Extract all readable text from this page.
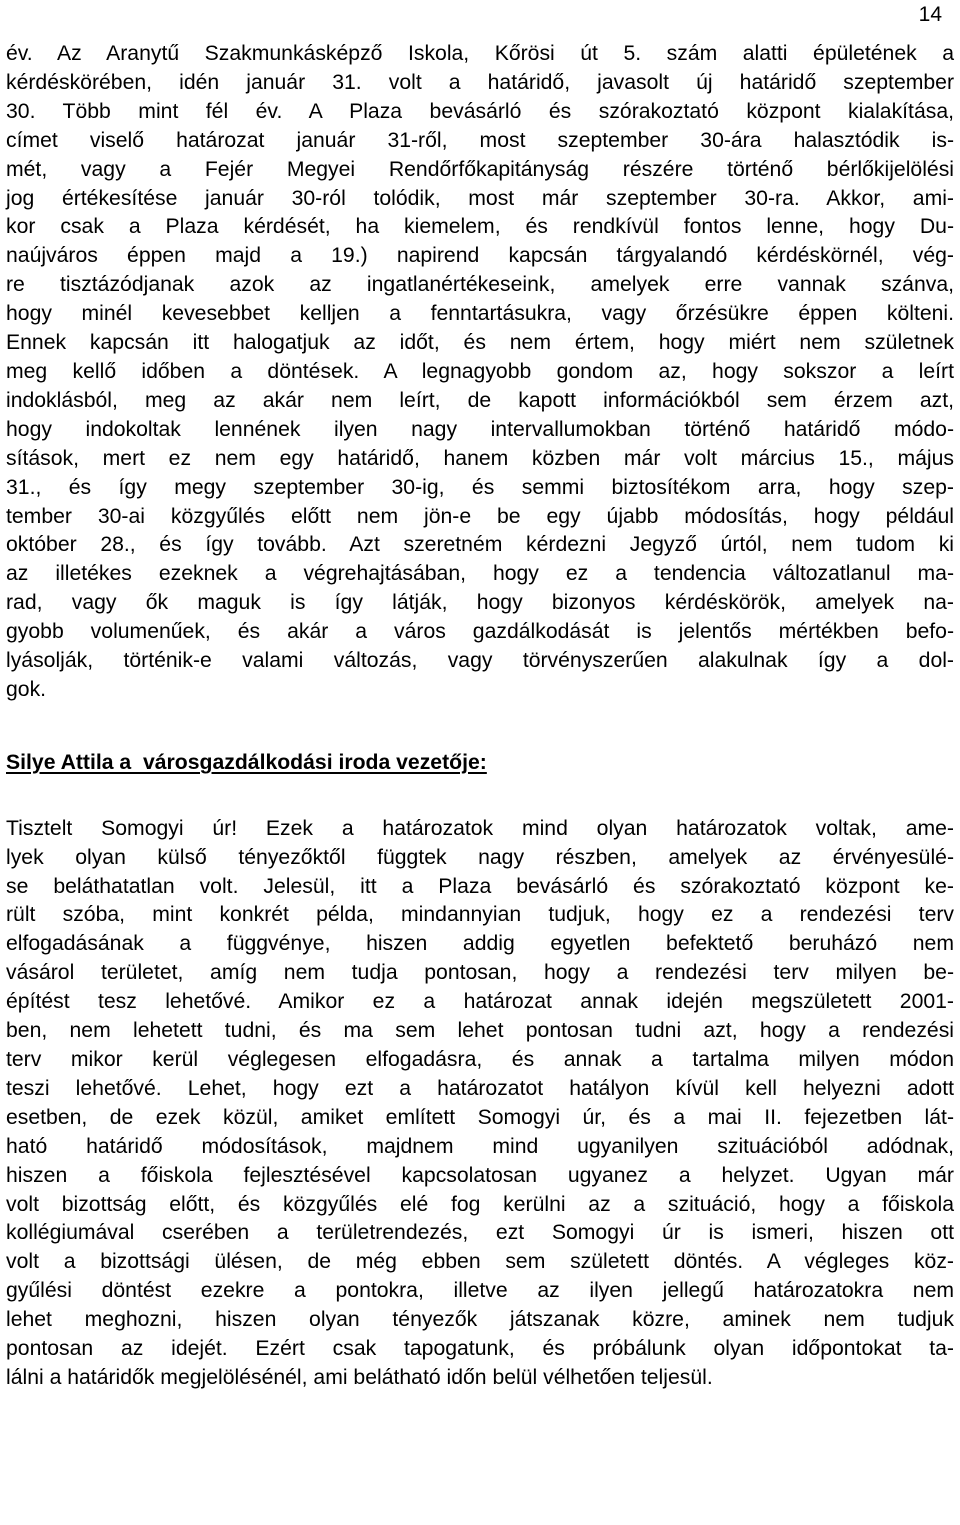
14
év. Az Aranytű Szakmunkásképző Iskola, Kőrösi út 5. szám alatti épületének a
kérdéskörében, idén január 31. volt a határidő, javasolt új határidő szeptember
30. Több mint fél év. A Plaza bevásárló és szórakoztató központ kialakítása,
címet viselő határozat január 31-ről, most szeptember 30-ára halasztódik is-
mét, vagy a Fejér Megyei Rendőrfőkapitányság részére történő bérlőkijelölési
jog értékesítése január 30-ról tolódik, most már szeptember 30-ra. Akkor, ami-
kor csak a Plaza kérdését, ha kiemelem, és rendkívül fontos lenne, hogy Du-
naújváros éppen majd a 19.) napirend kapcsán tárgyalandó kérdéskörnél, vég-
re tisztázódjanak azok az ingatlanértékeseink, amelyek erre vannak szánva,
hogy minél kevesebbet kelljen a fenntartásukra, vagy őrzésükre éppen költeni.
Ennek kapcsán itt halogatjuk az időt, és nem értem, hogy miért nem születnek
meg kellő időben a döntések. A legnagyobb gondom az, hogy sokszor a leírt
indoklásból, meg az akár nem leírt, de kapott információkból sem érzem azt,
hogy indokoltak lennének ilyen nagy intervallumokban történő határidő módo-
sítások, mert ez nem egy határidő, hanem közben már volt március 15., május
31., és így megy szeptember 30-ig, és semmi biztosítékom arra, hogy szep-
tember 30-ai közgyűlés előtt nem jön-e be egy újabb módosítás, hogy például
október 28., és így tovább. Azt szeretném kérdezni Jegyző úrtól, nem tudom ki
az illetékes ezeknek a végrehajtásában, hogy ez a tendencia változatlanul ma-
rad, vagy ők maguk is így látják, hogy bizonyos kérdéskörök, amelyek na-
gyobb volumenűek, és akár a város gazdálkodását is jelentős mértékben befo-
lyásolják, történik-e valami változás, vagy törvényszerűen alakulnak így a dol-
gok.
Silye Attila a  városgazdálkodási iroda vezetője:
Tisztelt Somogyi úr! Ezek a határozatok mind olyan határozatok voltak, ame-
lyek olyan külső tényezőktől függtek nagy részben, amelyek az érvényesülé-
se beláthatatlan volt. Jelesül, itt a Plaza bevásárló és szórakoztató központ ke-
rült szóba, mint konkrét példa, mindannyian tudjuk, hogy ez a rendezési terv
elfogadásának a függvénye, hiszen addig egyetlen befektető beruházó nem
vásárol területet, amíg nem tudja pontosan, hogy a rendezési terv milyen be-
építést tesz lehetővé. Amikor ez a határozat annak idején megszületett 2001-
ben, nem lehetett tudni, és ma sem lehet pontosan tudni azt, hogy a rendezési
terv mikor kerül véglegesen elfogadásra, és annak a tartalma milyen módon
teszi lehetővé. Lehet, hogy ezt a határozatot hatályon kívül kell helyezni adott
esetben, de ezek közül, amiket említett Somogyi úr, és a mai II. fejezetben lát-
ható határidő módosítások, majdnem mind ugyanilyen szituációból adódnak,
hiszen a főiskola fejlesztésével kapcsolatosan ugyanez a helyzet. Ugyan már
volt bizottság előtt, és közgyűlés elé fog kerülni az a szituáció, hogy a főiskola
kollégiumával cserében a területrendezés, ezt Somogyi úr is ismeri, hiszen ott
volt a bizottsági ülésen, de még ebben sem született döntés. A végleges köz-
gyűlési döntést ezekre a pontokra, illetve az ilyen jellegű határozatokra nem
lehet meghozni, hiszen olyan tényezők játszanak közre, aminek nem tudjuk
pontosan az idejét. Ezért csak tapogatunk, és próbálunk olyan időpontokat ta-
lálni a határidők megjelölésénél, ami belátható időn belül vélhetően teljesül.
